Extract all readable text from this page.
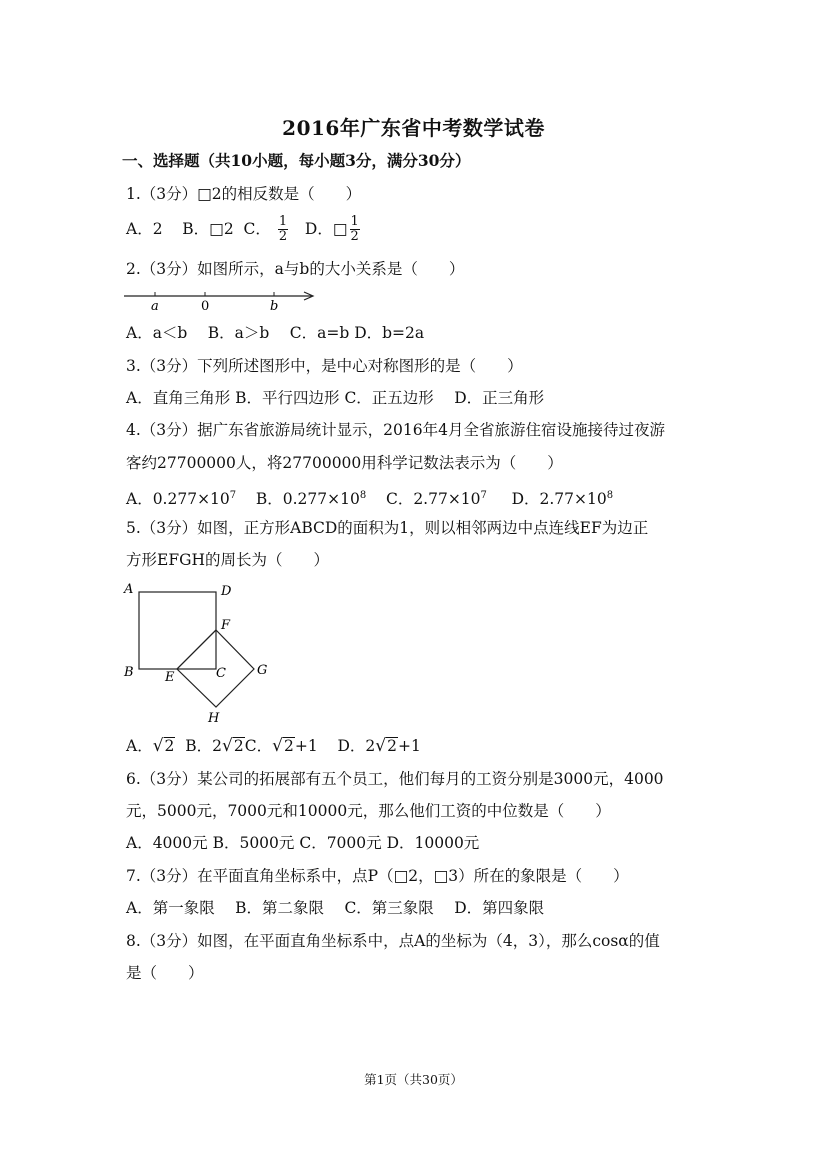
2016年广东省中考数学试卷
一、选择题（共10小题，每小题3分，满分30分）
1.（3分）□2的相反数是（　　）
A．2 B．□2 C． $\frac{1}{2}$ D．□ $\frac{1}{2}$
2.（3分）如图所示，a与b的大小关系是（　　）
a	0	b
A．a＜b　 B．a＞b　 C．a=b D．b=2a
3.（3分）下列所述图形中，是中心对称图形的是（　　）
A．直角三角形 B．平行四边形 C．正五边形　 D．正三角形
4.（3分）据广东省旅游局统计显示，2016年4月全省旅游住宿设施接待过夜游
客约27700000人，将27700000用科学记数法表示为（　　）
A．$0.277\times 10^7$ B．$0.277\times 10^8$ C．$2.77\times 10^7$ D．$2.77\times 10^8$
5.（3分）如图，正方形ABCD的面积为1，则以相邻两边中点连线EF为边正
方形EFGH的周长为（　　）
A	D
B	C
E
F
G
H
A．√2 B．2√2C．√2+1 D．2√2+1
6.（3分）某公司的拓展部有五个员工，他们每月的工资分别是3000元，4000
元，5000元，7000元和10000元，那么他们工资的中位数是（　　）
A．4000元 B．5000元 C．7000元 D．10000元
7.（3分）在平面直角坐标系中，点P（□2，□3）所在的象限是（　　）
A．第一象限　 B．第二象限　 C．第三象限　 D．第四象限
8.（3分）如图，在平面直角坐标系中，点A的坐标为（4，3），那么cosα的值
是（　　）
第1页（共30页）
